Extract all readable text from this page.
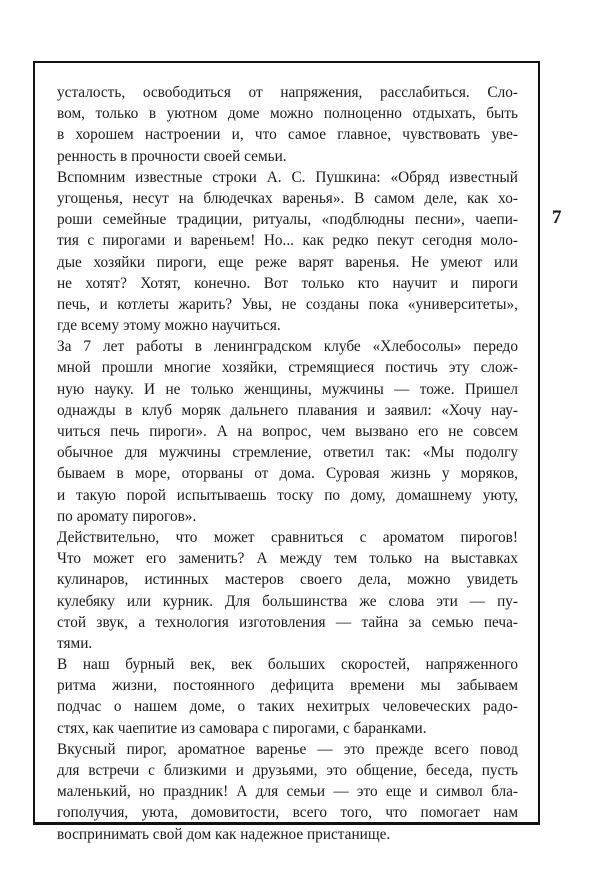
усталость, освободиться от напряжения, расслабиться. Сло-
вом, только в уютном доме можно полноценно отдыхать, быть
в хорошем настроении и, что самое главное, чувствовать уве-
ренность в прочности своей семьи.

Вспомним известные строки А. С. Пушкина: «Обряд известный
угощенья, несут на блюдечках варенья». В самом деле, как хо-
роши семейные традиции, ритуалы, «подблюдны песни», чаепи-
тия с пирогами и вареньем! Но... как редко пекут сегодня моло-
дые хозяйки пироги, еще реже варят варенья. Не умеют или
не хотят? Хотят, конечно. Вот только кто научит и пироги
печь, и котлеты жарить? Увы, не созданы пока «университеты»,
где всему этому можно научиться.

За 7 лет работы в ленинградском клубе «Хлебосолы» передо
мной прошли многие хозяйки, стремящиеся постичь эту слож-
ную науку. И не только женщины, мужчины — тоже. Пришел
однажды в клуб моряк дальнего плавания и заявил: «Хочу нау-
читься печь пироги». А на вопрос, чем вызвано его не совсем
обычное для мужчины стремление, ответил так: «Мы подолгу
бываем в море, оторваны от дома. Суровая жизнь у моряков,
и такую порой испытываешь тоску по дому, домашнему уюту,
по аромату пирогов».

Действительно, что может сравниться с ароматом пирогов!
Что может его заменить? А между тем только на выставках
кулинаров, истинных мастеров своего дела, можно увидеть
кулебяку или курник. Для большинства же слова эти — пу-
стой звук, а технология изготовления — тайна за семью печа-
тями.

В наш бурный век, век больших скоростей, напряженного
ритма жизни, постоянного дефицита времени мы забываем
подчас о нашем доме, о таких нехитрых человеческих радо-
стях, как чаепитие из самовара с пирогами, с баранками.

Вкусный пирог, ароматное варенье — это прежде всего повод
для встречи с близкими и друзьями, это общение, беседа, пусть
маленький, но праздник! А для семьи — это еще и символ бла-
гополучия, уюта, домовитости, всего того, что помогает нам
воспринимать свой дом как надежное пристанище.

7
